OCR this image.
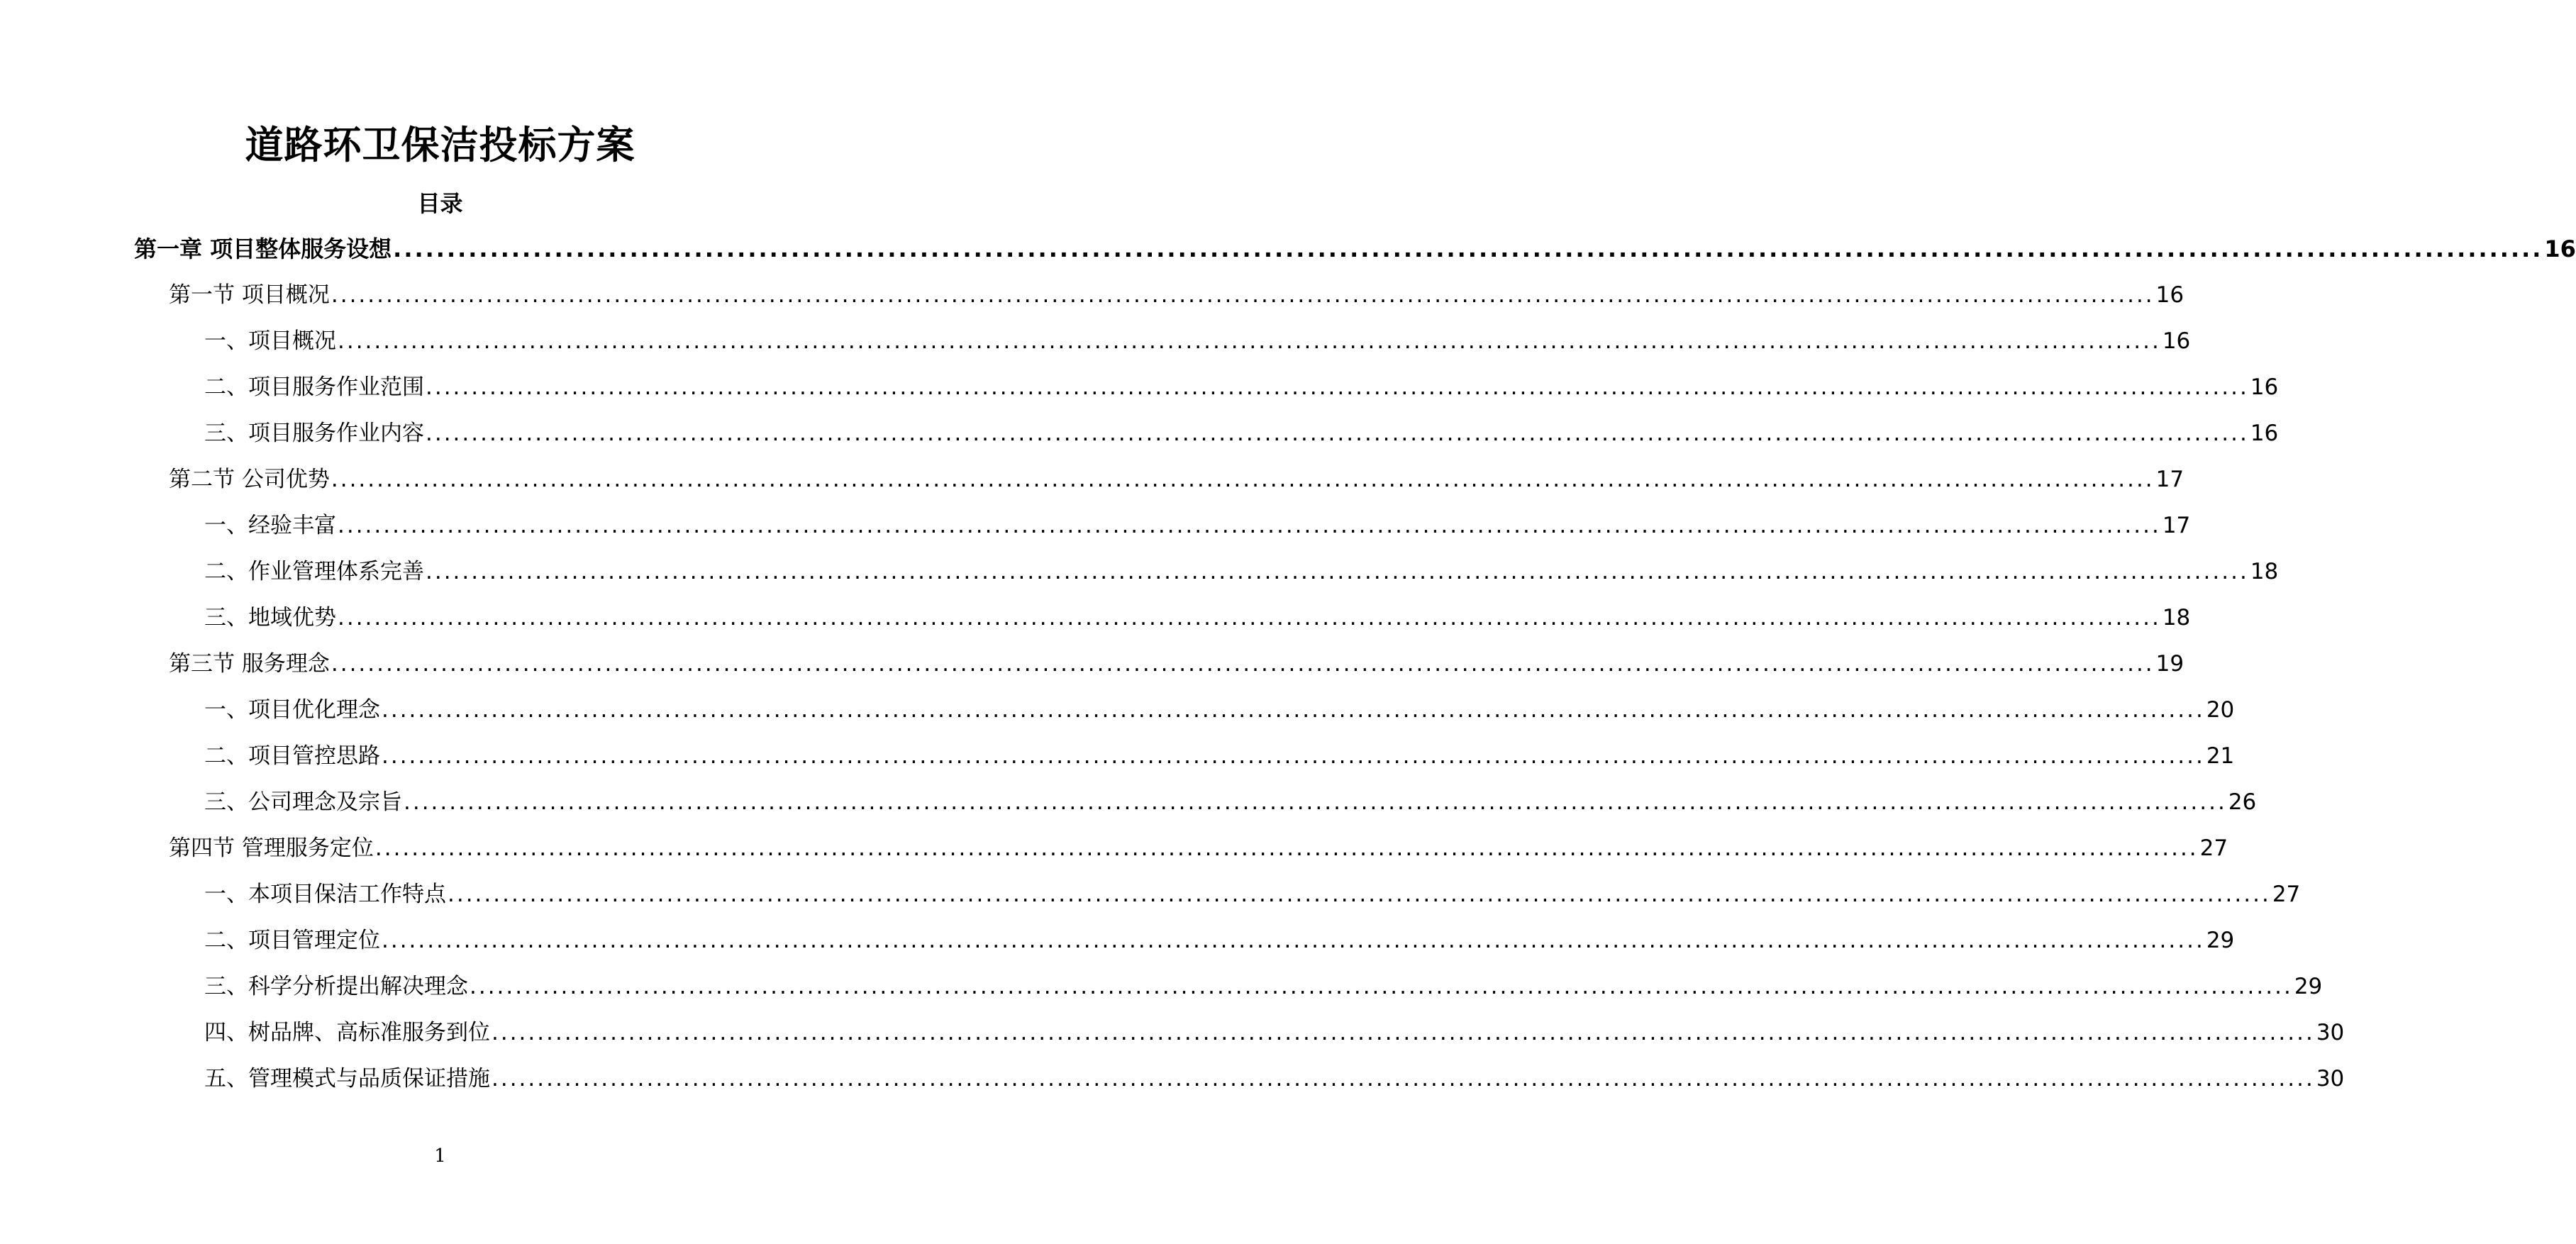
道路环卫保洁投标方案
目录
第一章 项目整体服务设想 ........................................................................................................................................................................................................ 16
第一节 项目概况 ........................................................................................................................................................................................................ 16
一、项目概况 ........................................................................................................................................................................................................ 16
二、项目服务作业范围 ........................................................................................................................................................................................................ 16
三、项目服务作业内容 ........................................................................................................................................................................................................ 16
第二节 公司优势 ........................................................................................................................................................................................................ 17
一、经验丰富 ........................................................................................................................................................................................................ 17
二、作业管理体系完善 ........................................................................................................................................................................................................ 18
三、地域优势 ........................................................................................................................................................................................................ 18
第三节 服务理念 ........................................................................................................................................................................................................ 19
一、项目优化理念 ........................................................................................................................................................................................................ 20
二、项目管控思路 ........................................................................................................................................................................................................ 21
三、公司理念及宗旨 ........................................................................................................................................................................................................ 26
第四节 管理服务定位 ........................................................................................................................................................................................................ 27
一、本项目保洁工作特点 ........................................................................................................................................................................................................ 27
二、项目管理定位 ........................................................................................................................................................................................................ 29
三、科学分析提出解决理念 ........................................................................................................................................................................................................ 29
四、树品牌、高标准服务到位 ........................................................................................................................................................................................................ 30
五、管理模式与品质保证措施 ........................................................................................................................................................................................................ 30
1
